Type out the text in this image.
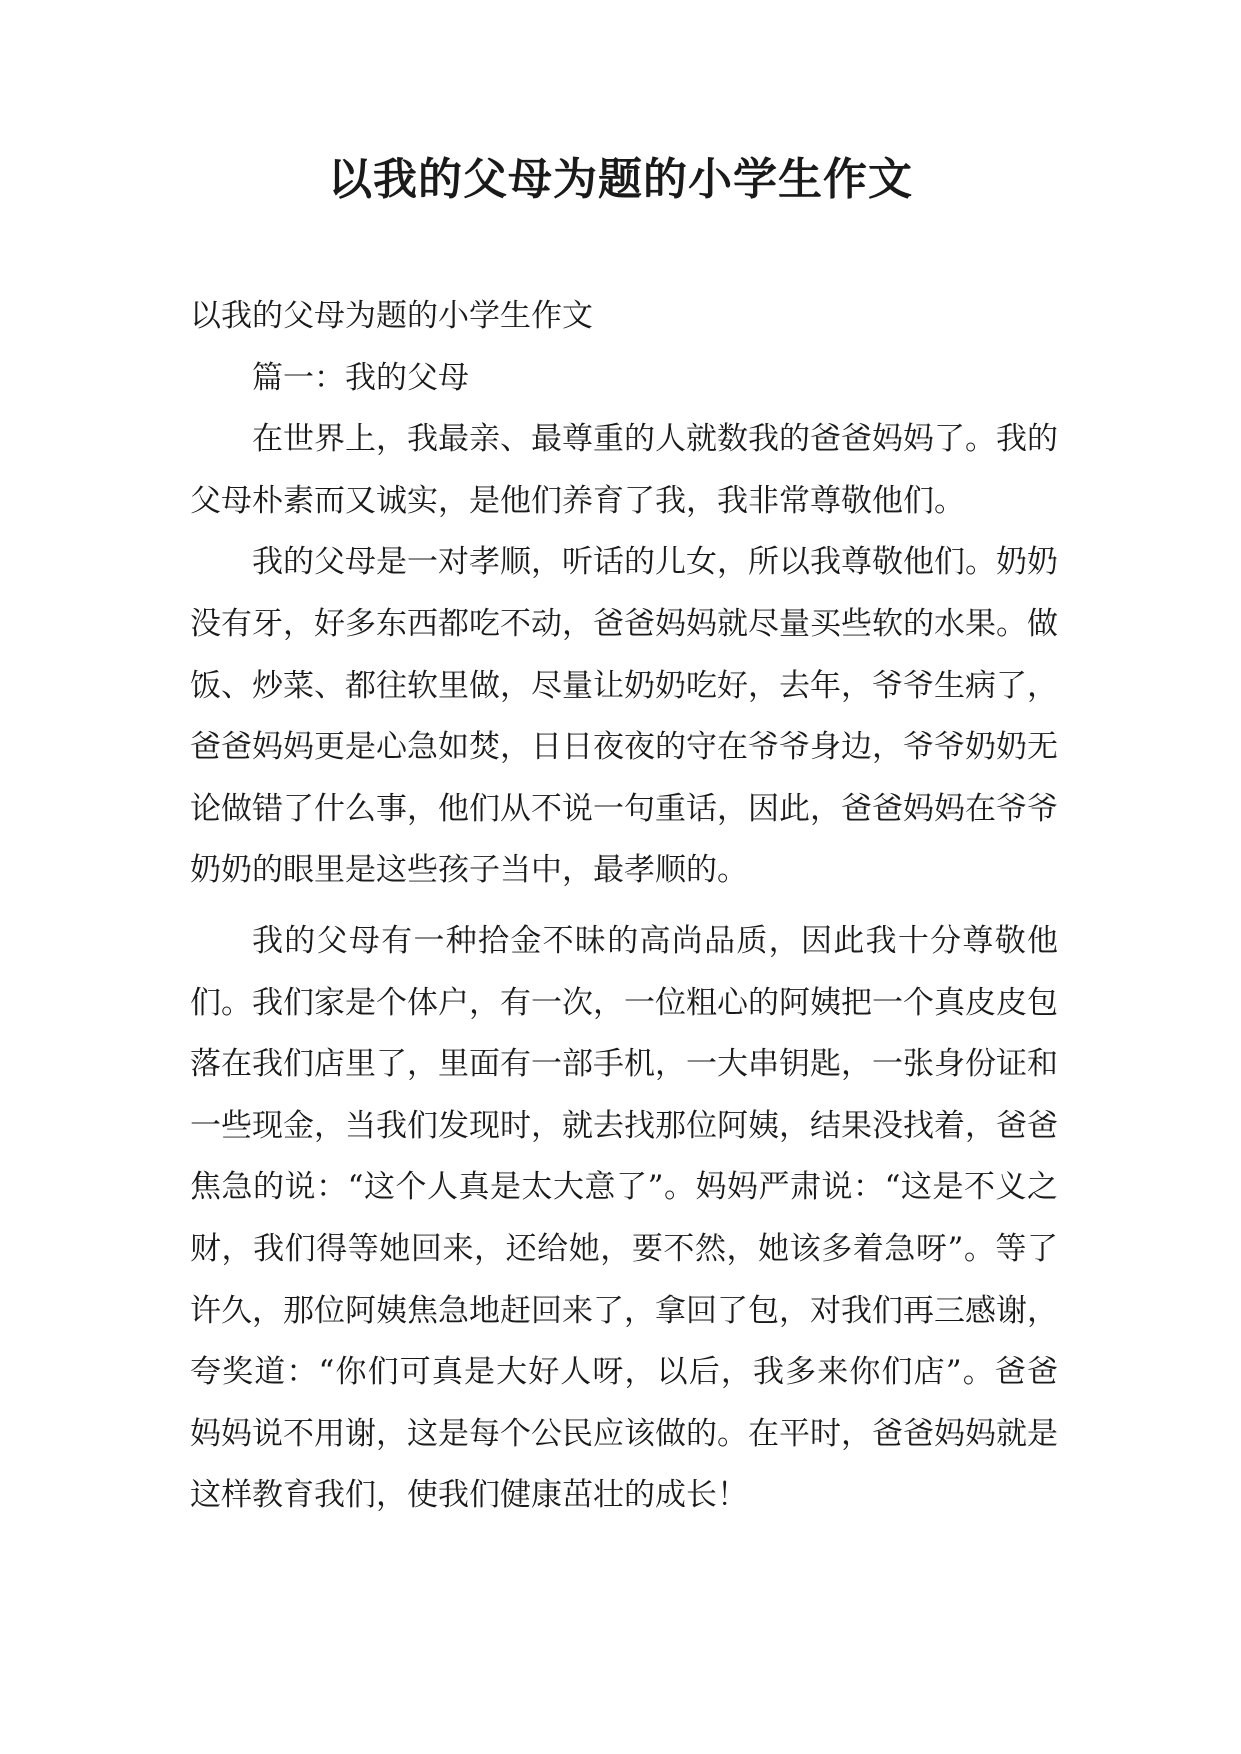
以我的父母为题的小学生作文

以我的父母为题的小学生作文

篇一：我的父母

在世界上，我最亲、最尊重的人就数我的爸爸妈妈了。我的父母朴素而又诚实，是他们养育了我，我非常尊敬他们。

我的父母是一对孝顺，听话的儿女，所以我尊敬他们。奶奶没有牙，好多东西都吃不动，爸爸妈妈就尽量买些软的水果。做饭、炒菜、都往软里做，尽量让奶奶吃好，去年，爷爷生病了，爸爸妈妈更是心急如焚，日日夜夜的守在爷爷身边，爷爷奶奶无论做错了什么事，他们从不说一句重话，因此，爸爸妈妈在爷爷奶奶的眼里是这些孩子当中，最孝顺的。

我的父母有一种拾金不昧的高尚品质，因此我十分尊敬他们。我们家是个体户，有一次，一位粗心的阿姨把一个真皮皮包落在我们店里了，里面有一部手机，一大串钥匙，一张身份证和一些现金，当我们发现时，就去找那位阿姨，结果没找着，爸爸焦急的说：“这个人真是太大意了”。妈妈严肃说：“这是不义之财，我们得等她回来，还给她，要不然，她该多着急呀”。等了许久，那位阿姨焦急地赶回来了，拿回了包，对我们再三感谢，夸奖道：“你们可真是大好人呀，以后，我多来你们店”。爸爸妈妈说不用谢，这是每个公民应该做的。在平时，爸爸妈妈就是这样教育我们，使我们健康茁壮的成长！
